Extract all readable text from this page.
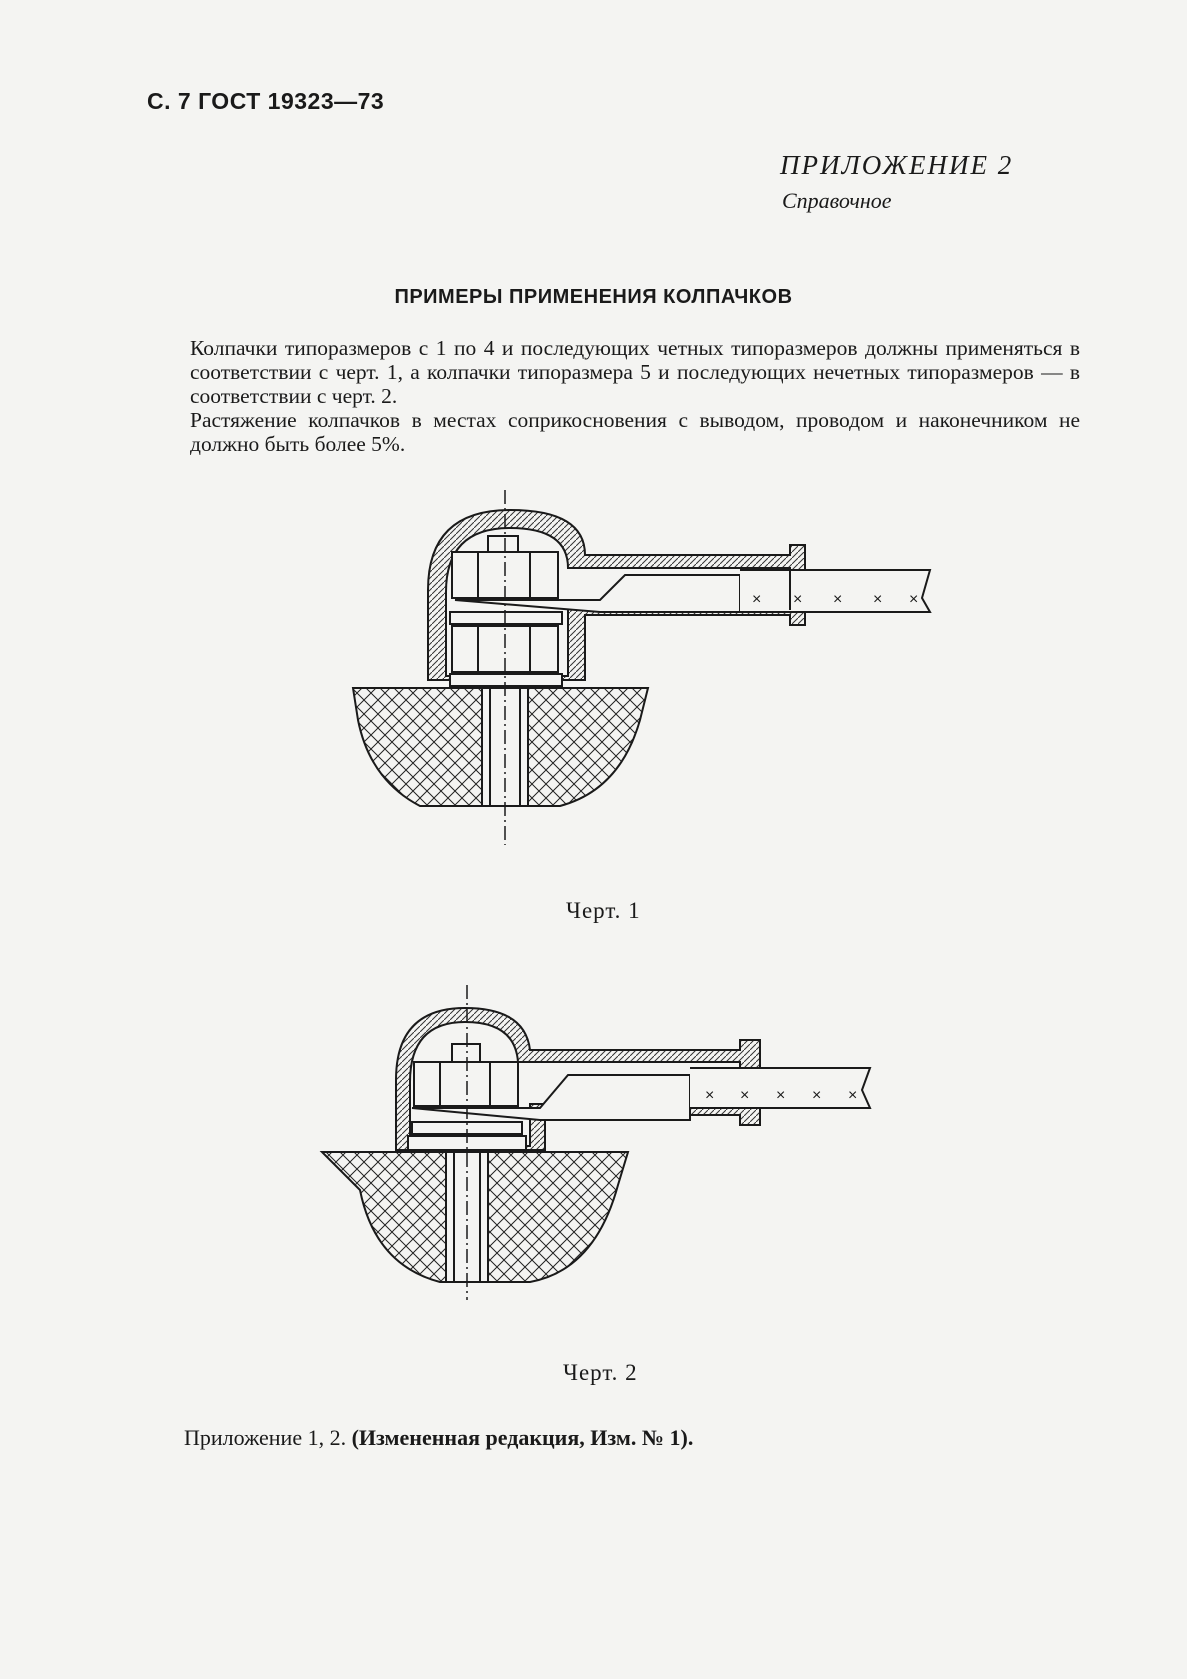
С. 7 ГОСТ 19323—73
ПРИЛОЖЕНИЕ 2
Справочное
ПРИМЕРЫ ПРИМЕНЕНИЯ КОЛПАЧКОВ
Колпачки типоразмеров с 1 по 4 и последующих четных типоразмеров должны применяться в соответствии с черт. 1, а колпачки типоразмера 5 и последующих нечетных типоразмеров — в соответствии с черт. 2.
Растяжение колпачков в местах соприкосновения с выводом, проводом и наконечником не должно быть более 5%.
× × × × ×
× × × × ×
Черт. 1
Черт. 2
Приложение 1, 2. (Измененная редакция, Изм. № 1).
